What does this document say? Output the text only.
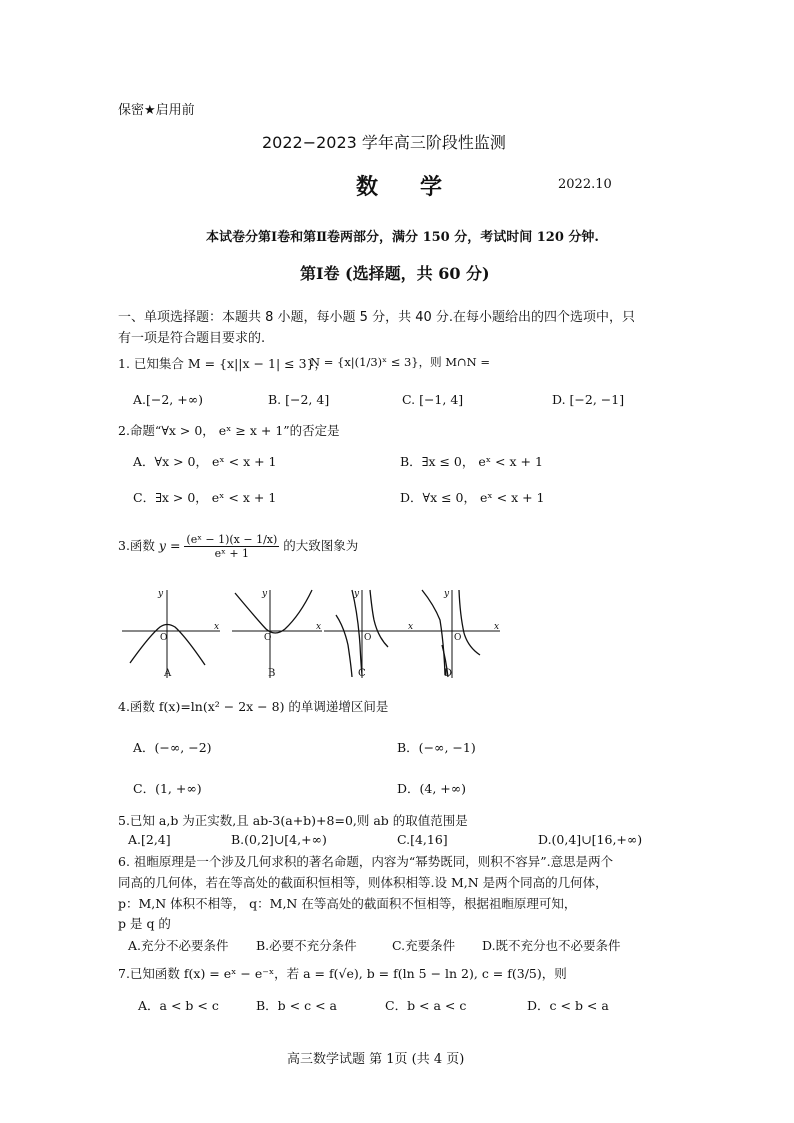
保密★启用前
2022−2023 学年高三阶段性监测
数　学	2022.10
本试卷分第Ⅰ卷和第Ⅱ卷两部分，满分 150 分，考试时间 120 分钟.
第Ⅰ卷 (选择题，共 60 分)
一、单项选择题：本题共 8 小题，每小题 5 分，共 40 分.在每小题给出的四个选项中，只
有一项是符合题目要求的.
1. 已知集合 M = {x||x − 1| ≤ 3}，
N = {x|(1/3)ˣ ≤ 3}，则 M∩N =
A.[−2, +∞)	B. [−2, 4]	C. [−1, 4]	D. [−2, −1]
2.命题“∀x > 0， eˣ ≥ x + 1”的否定是
A．∀x > 0， eˣ < x + 1	B．∃x ≤ 0， eˣ < x + 1
C．∃x > 0， eˣ < x + 1	D．∀x ≤ 0， eˣ < x + 1
3.函数 $y = \frac{\text{(eˣ − 1)(x − 1/x)}}{\text{eˣ + 1}}$ 的大致图象为
x
y
O
A
x
y
O
B
x
y
O
C
x
y
O
D
4.函数 f(x)=ln(x² − 2x − 8) 的单调递增区间是
A．(−∞, −2)	B．(−∞, −1)
C．(1, +∞)	D．(4, +∞)
5.已知 a,b 为正实数,且 ab-3(a+b)+8=0,则 ab 的取值范围是
A.[2,4]	B.(0,2]∪[4,+∞)	C.[4,16]	D.(0,4]∪[16,+∞)
6. 祖暅原理是一个涉及几何求积的著名命题，内容为“幂势既同，则积不容异”.意思是两个
同高的几何体，若在等高处的截面积恒相等，则体积相等.设 M,N 是两个同高的几何体，
p：M,N 体积不相等， q：M,N 在等高处的截面积不恒相等，根据祖暅原理可知，
p 是 q 的
A.充分不必要条件 B.必要不充分条件	C.充要条件 D.既不充分也不必要条件
7.已知函数 f(x) = eˣ − e⁻ˣ，若 a = f(√e), b = f(ln 5 − ln 2), c = f(3/5)，则
A．a < b < c	B．b < c < a	C．b < a < c	D．c < b < a
高三数学试题 第 1页 (共 4 页)
